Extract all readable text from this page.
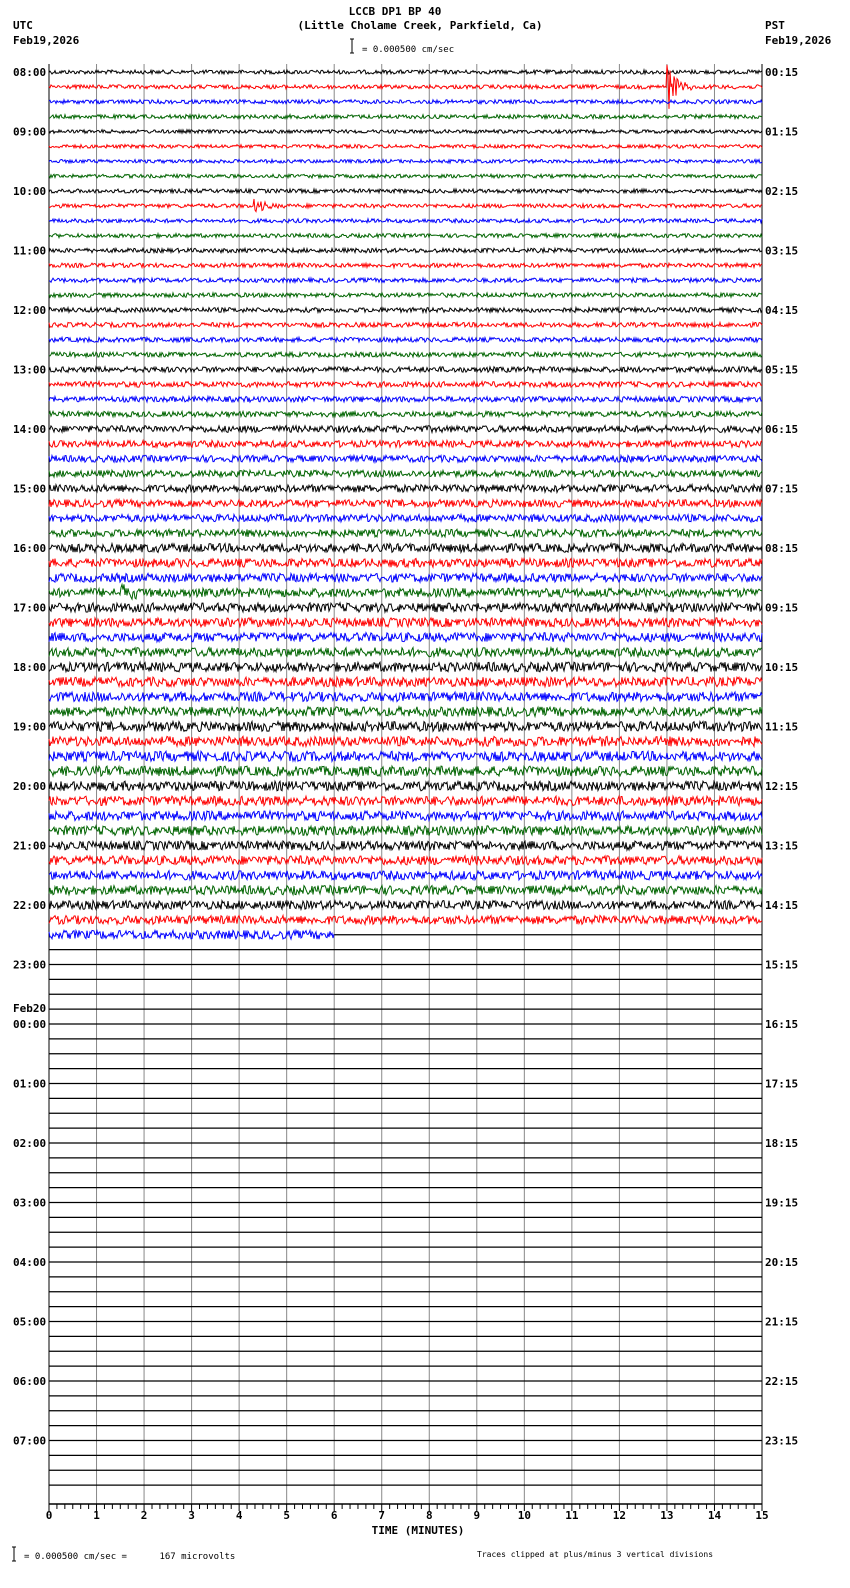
LCCB DP1 BP 40
(Little Cholame Creek, Parkfield, Ca)
UTC
Feb19,2026
PST
Feb19,2026
= 0.000500 cm/sec
08:00
09:00
10:00
11:00
12:00
13:00
14:00
15:00
16:00
17:00
18:00
19:00
20:00
21:00
22:00
23:00
00:00
01:00
02:00
03:00
04:00
05:00
06:00
07:00
00:15
01:15
02:15
03:15
04:15
05:15
06:15
07:15
08:15
09:15
10:15
11:15
12:15
13:15
14:15
15:15
16:15
17:15
18:15
19:15
20:15
21:15
22:15
23:15
0	1	2	3	4	5	6	7	8	9	10	11	12	13	14	15
Feb20
TIME (MINUTES)
= 0.000500 cm/sec =      167 microvolts	Traces clipped at plus/minus 3 vertical divisions
